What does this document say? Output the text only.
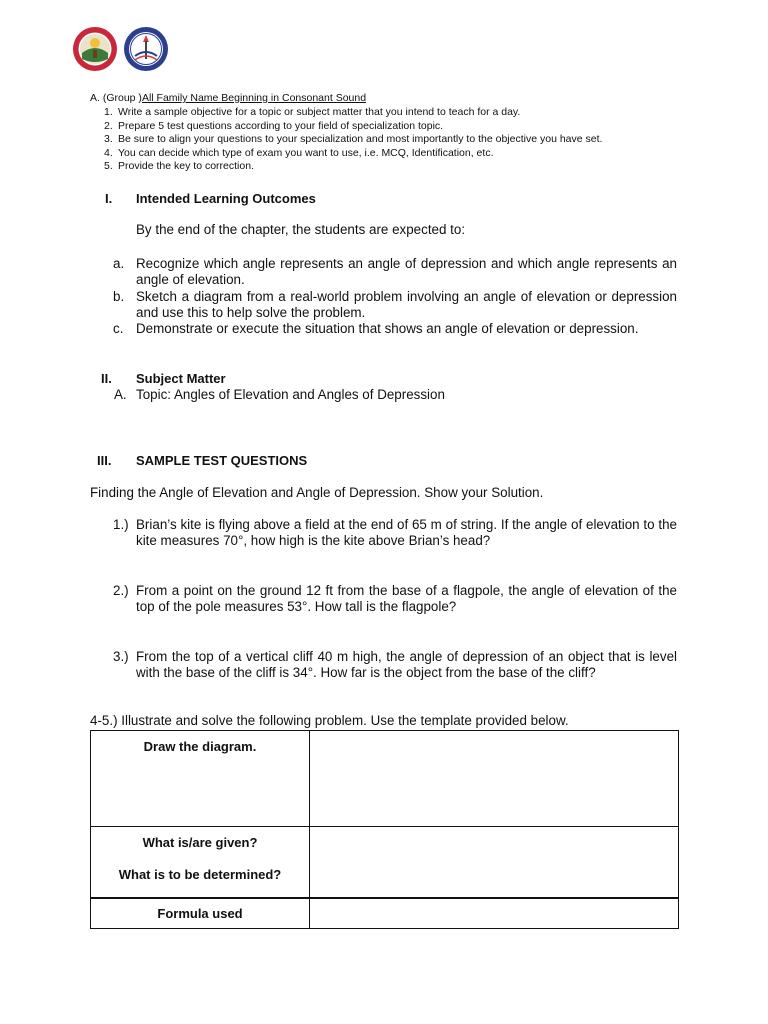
A. (Group )All Family Name Beginning in Consonant Sound
1. Write a sample objective for a topic or subject matter that you intend to teach for a day.
2. Prepare 5 test questions according to your field of specialization topic.
3. Be sure to align your questions to your specialization and most importantly to the objective you have set.
4. You can decide which type of exam you want to use, i.e. MCQ, Identification, etc.
5. Provide the key to correction.
I. Intended Learning Outcomes
By the end of the chapter, the students are expected to:
a. Recognize which angle represents an angle of depression and which angle represents an angle of elevation.
b. Sketch a diagram from a real-world problem involving an angle of elevation or depression and use this to help solve the problem.
c. Demonstrate or execute the situation that shows an angle of elevation or depression.
II. Subject Matter
A. Topic: Angles of Elevation and Angles of Depression
III. SAMPLE TEST QUESTIONS
Finding the Angle of Elevation and Angle of Depression. Show your Solution.
1.) Brian’s kite is flying above a field at the end of 65 m of string. If the angle of elevation to the kite measures 70°, how high is the kite above Brian’s head?
2.) From a point on the ground 12 ft from the base of a flagpole, the angle of elevation of the top of the pole measures 53°. How tall is the flagpole?
3.) From the top of a vertical cliff 40 m high, the angle of depression of an object that is level with the base of the cliff is 34°. How far is the object from the base of the cliff?
4-5.) Illustrate and solve the following problem. Use the template provided below.
Draw the diagram.	

What is/are given?
What is to be determined?	

Formula used	
